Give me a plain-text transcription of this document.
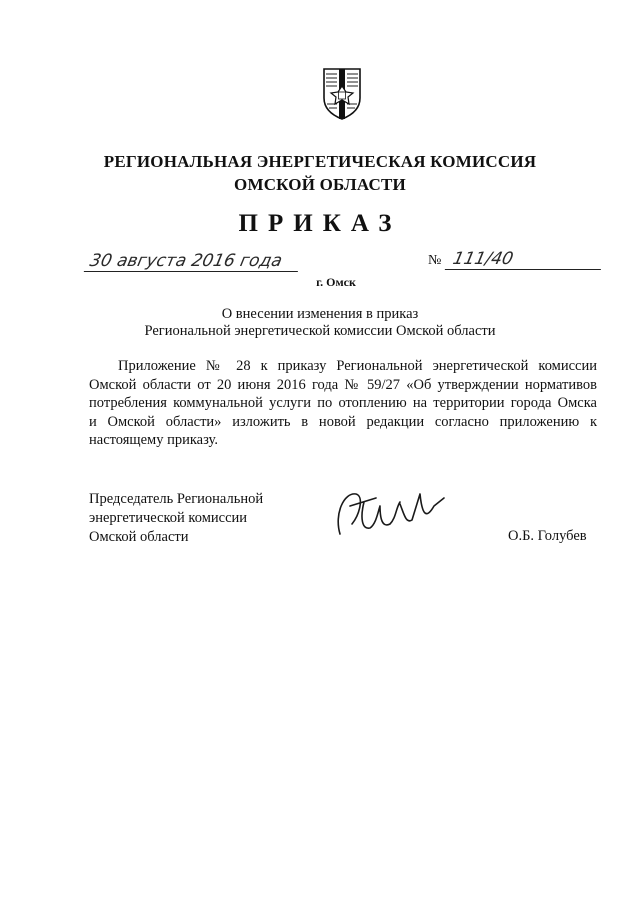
РЕГИОНАЛЬНАЯ ЭНЕРГЕТИЧЕСКАЯ КОМИССИЯ
ОМСКОЙ ОБЛАСТИ
ПРИКАЗ
30 августа 2016 года	№ 111/40
г. Омск
О внесении изменения в приказ
Региональной энергетической комиссии Омской области
Приложение № 28 к приказу Региональной энергетической комиссии
Омской области от 20 июня 2016 года № 59/27 «Об утверждении нормативов
потребления коммунальной услуги по отоплению на территории города Омска
и Омской области» изложить в новой редакции согласно приложению к
настоящему приказу.
Председатель Региональной
энергетической комиссии
Омской области	О.Б. Голубев
